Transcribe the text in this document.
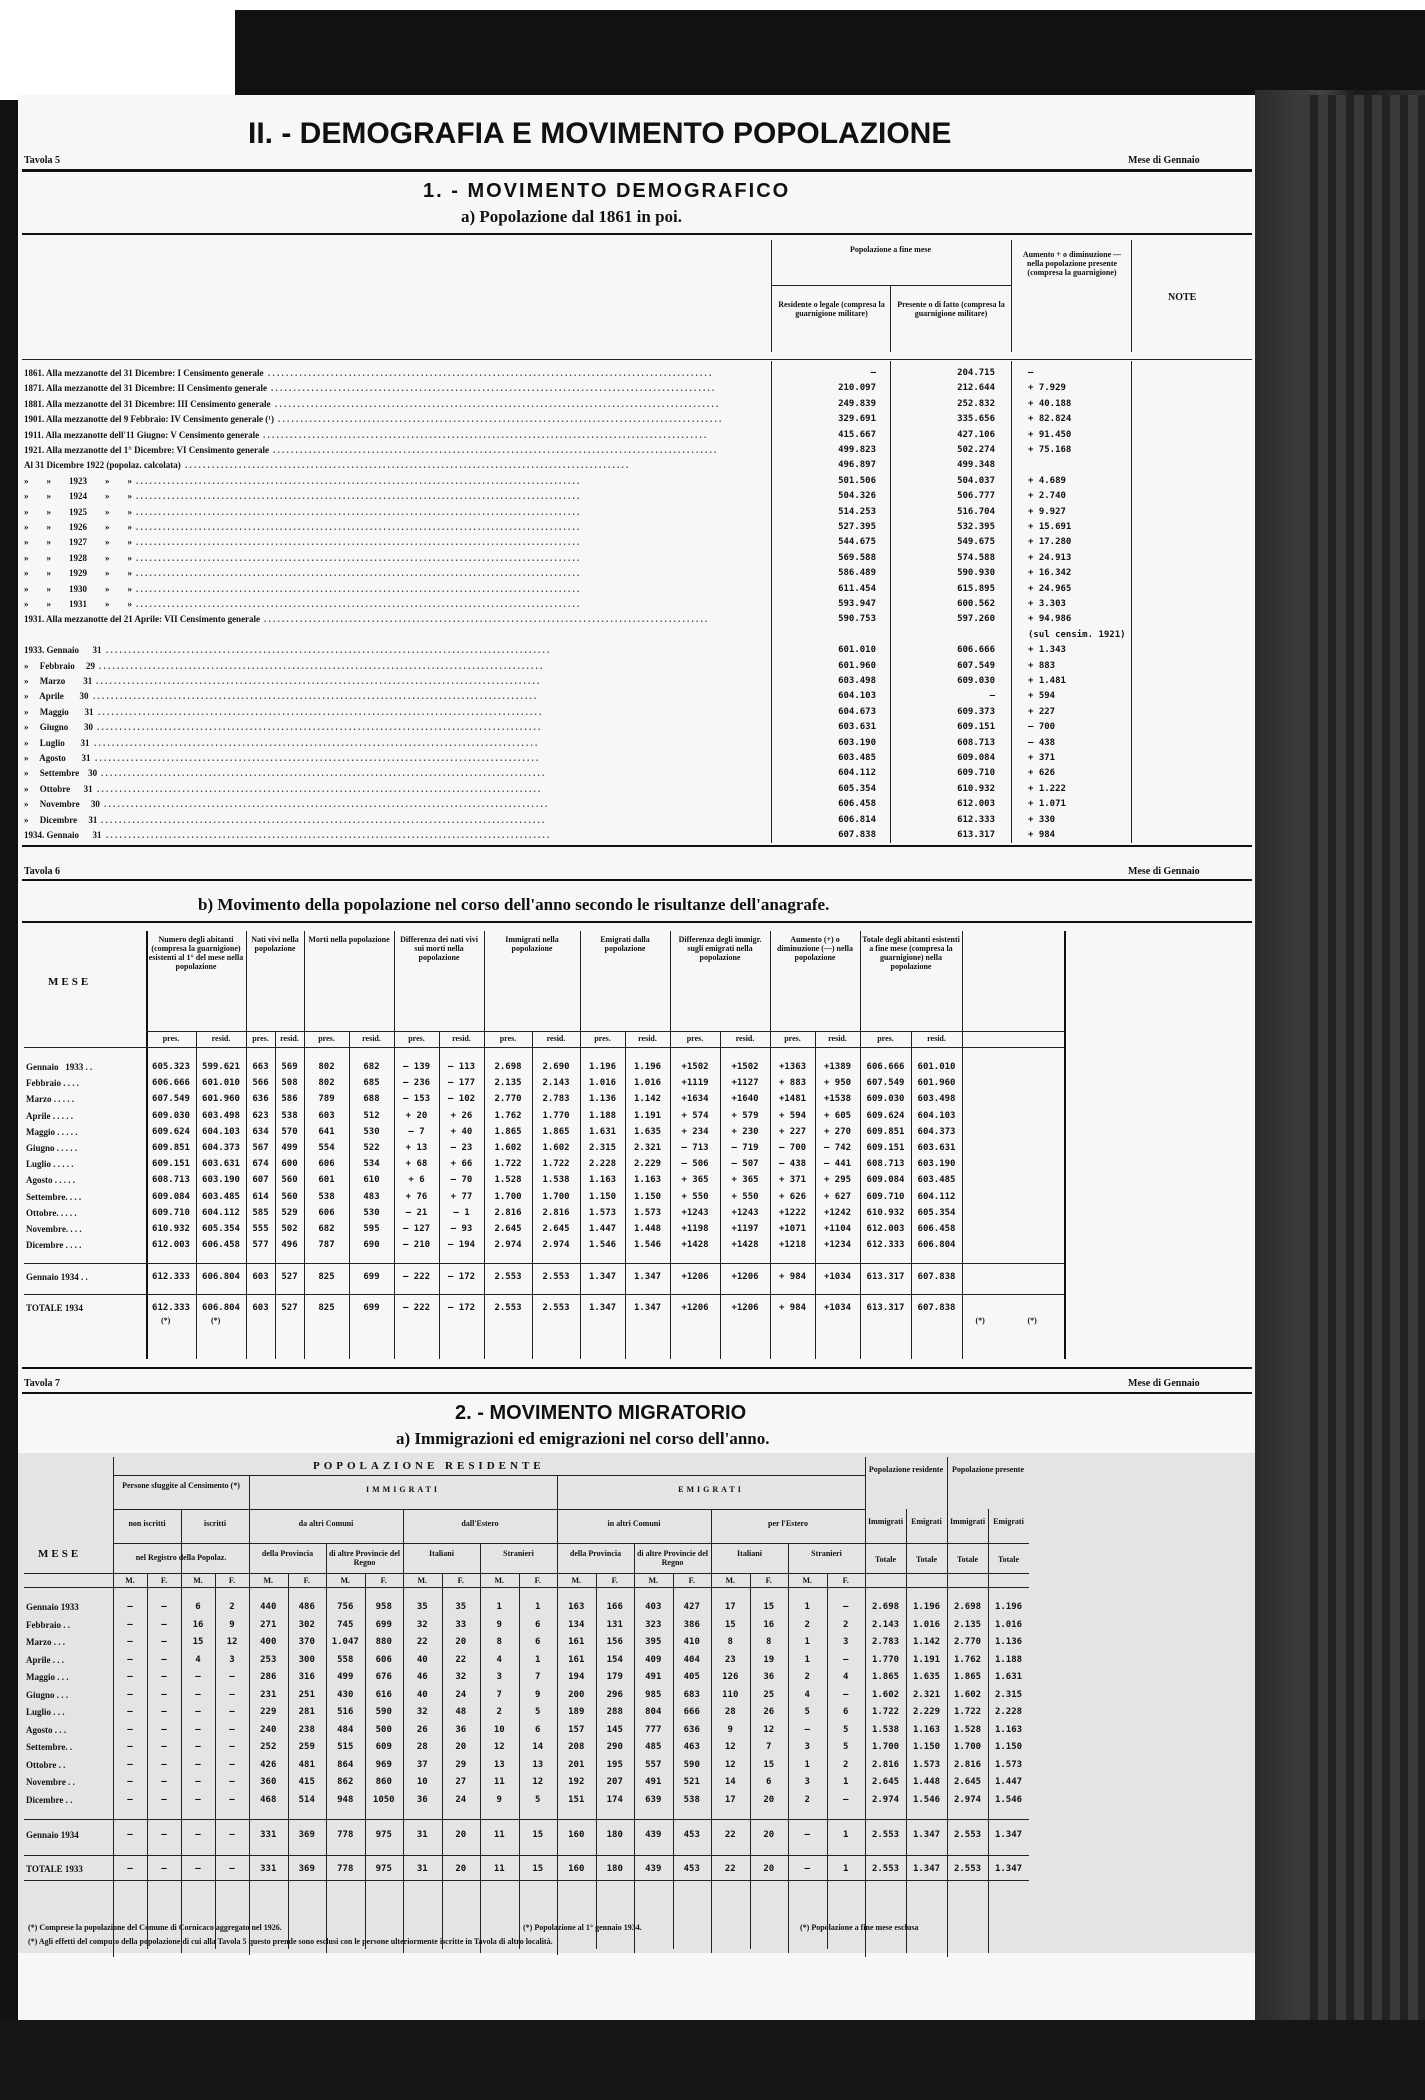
Tavola 5
II. - DEMOGRAFIA E MOVIMENTO POPOLAZIONE
Mese di Gennaio
1. - MOVIMENTO DEMOGRAFICO
a) Popolazione dal 1861 in poi.
Popolazione a fine mese
Residente o legale (compresa la guarnigione militare)
Presente o di fatto (compresa la guarnigione militare)
Aumento + o diminuzione — nella popolazione presente (compresa la guarnigione)
NOTE
1861. Alla mezzanotte del 31 Dicembre: I Censimento generale . . . . . . . . . . . . . . . . . . . . . . . . . . . . . . . . . . . . . . . . . . . . . . . . . . . . . . . . . . . . . . . . . . . . . . . . . . . . . . . . . . . . . . . . . . . . . . . . . . .	—	204.715	—
1871. Alla mezzanotte del 31 Dicembre: II Censimento generale . . . . . . . . . . . . . . . . . . . . . . . . . . . . . . . . . . . . . . . . . . . . . . . . . . . . . . . . . . . . . . . . . . . . . . . . . . . . . . . . . . . . . . . . . . . . . . . . . . .	210.097	212.644	+ 7.929
1881. Alla mezzanotte del 31 Dicembre: III Censimento generale . . . . . . . . . . . . . . . . . . . . . . . . . . . . . . . . . . . . . . . . . . . . . . . . . . . . . . . . . . . . . . . . . . . . . . . . . . . . . . . . . . . . . . . . . . . . . . . . . . .	249.839	252.832	+ 40.188
1901. Alla mezzanotte del 9 Febbraio: IV Censimento generale (¹) . . . . . . . . . . . . . . . . . . . . . . . . . . . . . . . . . . . . . . . . . . . . . . . . . . . . . . . . . . . . . . . . . . . . . . . . . . . . . . . . . . . . . . . . . . . . . . . . . . .	329.691	335.656	+ 82.824
1911. Alla mezzanotte dell'11 Giugno: V Censimento generale . . . . . . . . . . . . . . . . . . . . . . . . . . . . . . . . . . . . . . . . . . . . . . . . . . . . . . . . . . . . . . . . . . . . . . . . . . . . . . . . . . . . . . . . . . . . . . . . . . .	415.667	427.106	+ 91.450
1921. Alla mezzanotte del 1° Dicembre: VI Censimento generale . . . . . . . . . . . . . . . . . . . . . . . . . . . . . . . . . . . . . . . . . . . . . . . . . . . . . . . . . . . . . . . . . . . . . . . . . . . . . . . . . . . . . . . . . . . . . . . . . . .	499.823	502.274	+ 75.168
Al 31 Dicembre 1922 (popolaz. calcolata) . . . . . . . . . . . . . . . . . . . . . . . . . . . . . . . . . . . . . . . . . . . . . . . . . . . . . . . . . . . . . . . . . . . . . . . . . . . . . . . . . . . . . . . . . . . . . . . . . . .	496.897	499.348
»        »        1923        »        » . . . . . . . . . . . . . . . . . . . . . . . . . . . . . . . . . . . . . . . . . . . . . . . . . . . . . . . . . . . . . . . . . . . . . . . . . . . . . . . . . . . . . . . . . . . . . . . . . . .	501.506	504.037	+ 4.689
»        »        1924        »        » . . . . . . . . . . . . . . . . . . . . . . . . . . . . . . . . . . . . . . . . . . . . . . . . . . . . . . . . . . . . . . . . . . . . . . . . . . . . . . . . . . . . . . . . . . . . . . . . . . .	504.326	506.777	+ 2.740
»        »        1925        »        » . . . . . . . . . . . . . . . . . . . . . . . . . . . . . . . . . . . . . . . . . . . . . . . . . . . . . . . . . . . . . . . . . . . . . . . . . . . . . . . . . . . . . . . . . . . . . . . . . . .	514.253	516.704	+ 9.927
»        »        1926        »        » . . . . . . . . . . . . . . . . . . . . . . . . . . . . . . . . . . . . . . . . . . . . . . . . . . . . . . . . . . . . . . . . . . . . . . . . . . . . . . . . . . . . . . . . . . . . . . . . . . .	527.395	532.395	+ 15.691
»        »        1927        »        » . . . . . . . . . . . . . . . . . . . . . . . . . . . . . . . . . . . . . . . . . . . . . . . . . . . . . . . . . . . . . . . . . . . . . . . . . . . . . . . . . . . . . . . . . . . . . . . . . . .	544.675	549.675	+ 17.280
»        »        1928        »        » . . . . . . . . . . . . . . . . . . . . . . . . . . . . . . . . . . . . . . . . . . . . . . . . . . . . . . . . . . . . . . . . . . . . . . . . . . . . . . . . . . . . . . . . . . . . . . . . . . .	569.588	574.588	+ 24.913
»        »        1929        »        » . . . . . . . . . . . . . . . . . . . . . . . . . . . . . . . . . . . . . . . . . . . . . . . . . . . . . . . . . . . . . . . . . . . . . . . . . . . . . . . . . . . . . . . . . . . . . . . . . . .	586.489	590.930	+ 16.342
»        »        1930        »        » . . . . . . . . . . . . . . . . . . . . . . . . . . . . . . . . . . . . . . . . . . . . . . . . . . . . . . . . . . . . . . . . . . . . . . . . . . . . . . . . . . . . . . . . . . . . . . . . . . .	611.454	615.895	+ 24.965
»        »        1931        »        » . . . . . . . . . . . . . . . . . . . . . . . . . . . . . . . . . . . . . . . . . . . . . . . . . . . . . . . . . . . . . . . . . . . . . . . . . . . . . . . . . . . . . . . . . . . . . . . . . . .	593.947	600.562	+ 3.303
1931. Alla mezzanotte del 21 Aprile: VII Censimento generale . . . . . . . . . . . . . . . . . . . . . . . . . . . . . . . . . . . . . . . . . . . . . . . . . . . . . . . . . . . . . . . . . . . . . . . . . . . . . . . . . . . . . . . . . . . . . . . . . . .	590.753	597.260	+ 94.986
(sul censim. 1921)
1933. Gennaio      31 . . . . . . . . . . . . . . . . . . . . . . . . . . . . . . . . . . . . . . . . . . . . . . . . . . . . . . . . . . . . . . . . . . . . . . . . . . . . . . . . . . . . . . . . . . . . . . . . . . .	601.010	606.666	+ 1.343
»     Febbraio     29 . . . . . . . . . . . . . . . . . . . . . . . . . . . . . . . . . . . . . . . . . . . . . . . . . . . . . . . . . . . . . . . . . . . . . . . . . . . . . . . . . . . . . . . . . . . . . . . . . . .	601.960	607.549	+ 883
»     Marzo        31 . . . . . . . . . . . . . . . . . . . . . . . . . . . . . . . . . . . . . . . . . . . . . . . . . . . . . . . . . . . . . . . . . . . . . . . . . . . . . . . . . . . . . . . . . . . . . . . . . . .	603.498	609.030	+ 1.481
»     Aprile       30 . . . . . . . . . . . . . . . . . . . . . . . . . . . . . . . . . . . . . . . . . . . . . . . . . . . . . . . . . . . . . . . . . . . . . . . . . . . . . . . . . . . . . . . . . . . . . . . . . . .	604.103	—	+ 594
»     Maggio       31 . . . . . . . . . . . . . . . . . . . . . . . . . . . . . . . . . . . . . . . . . . . . . . . . . . . . . . . . . . . . . . . . . . . . . . . . . . . . . . . . . . . . . . . . . . . . . . . . . . .	604.673	609.373	+ 227
»     Giugno       30 . . . . . . . . . . . . . . . . . . . . . . . . . . . . . . . . . . . . . . . . . . . . . . . . . . . . . . . . . . . . . . . . . . . . . . . . . . . . . . . . . . . . . . . . . . . . . . . . . . .	603.631	609.151	— 700
»     Luglio       31 . . . . . . . . . . . . . . . . . . . . . . . . . . . . . . . . . . . . . . . . . . . . . . . . . . . . . . . . . . . . . . . . . . . . . . . . . . . . . . . . . . . . . . . . . . . . . . . . . . .	603.190	608.713	— 438
»     Agosto       31 . . . . . . . . . . . . . . . . . . . . . . . . . . . . . . . . . . . . . . . . . . . . . . . . . . . . . . . . . . . . . . . . . . . . . . . . . . . . . . . . . . . . . . . . . . . . . . . . . . .	603.485	609.084	+ 371
»     Settembre    30 . . . . . . . . . . . . . . . . . . . . . . . . . . . . . . . . . . . . . . . . . . . . . . . . . . . . . . . . . . . . . . . . . . . . . . . . . . . . . . . . . . . . . . . . . . . . . . . . . . .	604.112	609.710	+ 626
»     Ottobre      31 . . . . . . . . . . . . . . . . . . . . . . . . . . . . . . . . . . . . . . . . . . . . . . . . . . . . . . . . . . . . . . . . . . . . . . . . . . . . . . . . . . . . . . . . . . . . . . . . . . .	605.354	610.932	+ 1.222
»     Novembre     30 . . . . . . . . . . . . . . . . . . . . . . . . . . . . . . . . . . . . . . . . . . . . . . . . . . . . . . . . . . . . . . . . . . . . . . . . . . . . . . . . . . . . . . . . . . . . . . . . . . .	606.458	612.003	+ 1.071
»     Dicembre     31 . . . . . . . . . . . . . . . . . . . . . . . . . . . . . . . . . . . . . . . . . . . . . . . . . . . . . . . . . . . . . . . . . . . . . . . . . . . . . . . . . . . . . . . . . . . . . . . . . . .	606.814	612.333	+ 330
1934. Gennaio      31 . . . . . . . . . . . . . . . . . . . . . . . . . . . . . . . . . . . . . . . . . . . . . . . . . . . . . . . . . . . . . . . . . . . . . . . . . . . . . . . . . . . . . . . . . . . . . . . . . . .	607.838	613.317	+ 984
Tavola 6	Mese di Gennaio
b) Movimento della popolazione nel corso dell'anno secondo le risultanze dell'anagrafe.
MESE
Numero degli abitanti (compresa la guarnigione) esistenti al 1° del mese nella popolazione
pres.	resid.
Nati vivi nella popolazione
pres.	resid.
Morti nella popolazione
pres.	resid.
Differenza dei nati vivi sui morti nella popolazione
pres.	resid.
Immigrati nella popolazione
pres.	resid.
Emigrati dalla popolazione
pres.	resid.
Differenza degli immigr. sugli emigrati nella popolazione
pres.	resid.
Aumento (+) o diminuzione (—) nella popolazione
pres.	resid.
Totale degli abitanti esistenti a fine mese (compresa la guarnigione) nella popolazione
pres.	resid.
Gennaio   1933 . .	605.323	599.621	663	569	802	682	— 139	— 113	2.698	2.690	1.196	1.196	+1502	+1502	+1363	+1389	606.666	601.010
Febbraio . . . .	606.666	601.010	566	508	802	685	— 236	— 177	2.135	2.143	1.016	1.016	+1119	+1127	+ 883	+ 950	607.549	601.960
Marzo . . . . .	607.549	601.960	636	586	789	688	— 153	— 102	2.770	2.783	1.136	1.142	+1634	+1640	+1481	+1538	609.030	603.498
Aprile . . . . .	609.030	603.498	623	538	603	512	+ 20	+ 26	1.762	1.770	1.188	1.191	+ 574	+ 579	+ 594	+ 605	609.624	604.103
Maggio . . . . .	609.624	604.103	634	570	641	530	— 7	+ 40	1.865	1.865	1.631	1.635	+ 234	+ 230	+ 227	+ 270	609.851	604.373
Giugno . . . . .	609.851	604.373	567	499	554	522	+ 13	— 23	1.602	1.602	2.315	2.321	— 713	— 719	— 700	— 742	609.151	603.631
Luglio . . . . .	609.151	603.631	674	600	606	534	+ 68	+ 66	1.722	1.722	2.228	2.229	— 506	— 507	— 438	— 441	608.713	603.190
Agosto . . . . .	608.713	603.190	607	560	601	610	+ 6	— 70	1.528	1.538	1.163	1.163	+ 365	+ 365	+ 371	+ 295	609.084	603.485
Settembre. . . .	609.084	603.485	614	560	538	483	+ 76	+ 77	1.700	1.700	1.150	1.150	+ 550	+ 550	+ 626	+ 627	609.710	604.112
Ottobre. . . . .	609.710	604.112	585	529	606	530	— 21	— 1	2.816	2.816	1.573	1.573	+1243	+1243	+1222	+1242	610.932	605.354
Novembre. . . .	610.932	605.354	555	502	682	595	— 127	— 93	2.645	2.645	1.447	1.448	+1198	+1197	+1071	+1104	612.003	606.458
Dicembre . . . .	612.003	606.458	577	496	787	690	— 210	— 194	2.974	2.974	1.546	1.546	+1428	+1428	+1218	+1234	612.333	606.804
Gennaio 1934 . .	612.333	606.804	603	527	825	699	— 222	— 172	2.553	2.553	1.347	1.347	+1206	+1206	+ 984	+1034	613.317	607.838
TOTALE 1934	612.333	606.804	603	527	825	699	— 222	— 172	2.553	2.553	1.347	1.347	+1206	+1206	+ 984	+1034	613.317	607.838
(*)	(*)	(*)	(*)
Tavola 7	Mese di Gennaio
2. - MOVIMENTO MIGRATORIO
a) Immigrazioni ed emigrazioni nel corso dell'anno.
POPOLAZIONE RESIDENTE
MESE
Persone sfuggite al Censimento (*)	IMMIGRATI	EMIGRATI
Popolazione residente	Popolazione presente
non iscritti	iscritti	da altri Comuni	dall'Estero	in altri Comuni	per l'Estero
nel Registro della Popolaz.	della Provincia	di altre Provincie del Regno
Italiani	Stranieri	della Provincia	di altre Provincie del Regno
Italiani	Stranieri
Immigrati
Totale
Emigrati
Totale
Immigrati
Totale
Emigrati
Totale
M.	F.	M.	F.	M.	F.	M.	F.	M.	F.	M.	F.	M.	F.	M.	F.	M.	F.	M.	F.
Gennaio 1933	—	—	6	2	440	486	756	958	35	35	1	1	163	166	403	427	17	15	1	—	2.698	1.196	2.698	1.196
Febbraio . .	—	—	16	9	271	302	745	699	32	33	9	6	134	131	323	386	15	16	2	2	2.143	1.016	2.135	1.016
Marzo . . .	—	—	15	12	400	370	1.047	880	22	20	8	6	161	156	395	410	8	8	1	3	2.783	1.142	2.770	1.136
Aprile . . .	—	—	4	3	253	300	558	606	40	22	4	1	161	154	409	404	23	19	1	—	1.770	1.191	1.762	1.188
Maggio . . .	—	—	—	—	286	316	499	676	46	32	3	7	194	179	491	405	126	36	2	4	1.865	1.635	1.865	1.631
Giugno . . .	—	—	—	—	231	251	430	616	40	24	7	9	200	296	985	683	110	25	4	—	1.602	2.321	1.602	2.315
Luglio . . .	—	—	—	—	229	281	516	590	32	48	2	5	189	288	804	666	28	26	5	6	1.722	2.229	1.722	2.228
Agosto . . .	—	—	—	—	240	238	484	500	26	36	10	6	157	145	777	636	9	12	—	5	1.538	1.163	1.528	1.163
Settembre. .	—	—	—	—	252	259	515	609	28	20	12	14	208	290	485	463	12	7	3	5	1.700	1.150	1.700	1.150
Ottobre . .	—	—	—	—	426	481	864	969	37	29	13	13	201	195	557	590	12	15	1	2	2.816	1.573	2.816	1.573
Novembre . .	—	—	—	—	360	415	862	860	10	27	11	12	192	207	491	521	14	6	3	1	2.645	1.448	2.645	1.447
Dicembre . .	—	—	—	—	468	514	948	1050	36	24	9	5	151	174	639	538	17	20	2	—	2.974	1.546	2.974	1.546
Gennaio 1934	—	—	—	—	331	369	778	975	31	20	11	15	160	180	439	453	22	20	—	1	2.553	1.347	2.553	1.347
TOTALE 1933	—	—	—	—	331	369	778	975	31	20	11	15	160	180	439	453	22	20	—	1	2.553	1.347	2.553	1.347
(*) Comprese la popolazione del Comune di Cornicaco aggregato nel 1926.	(*) Popolazione al 1° gennaio 1934.	(*) Popolazione a fine mese esclusa
(*) Agli effetti del computo della popolazione di cui alla Tavola 5 questo prende sono esclusi con le persone ulteriormente iscritte in Tavola di altro località.
